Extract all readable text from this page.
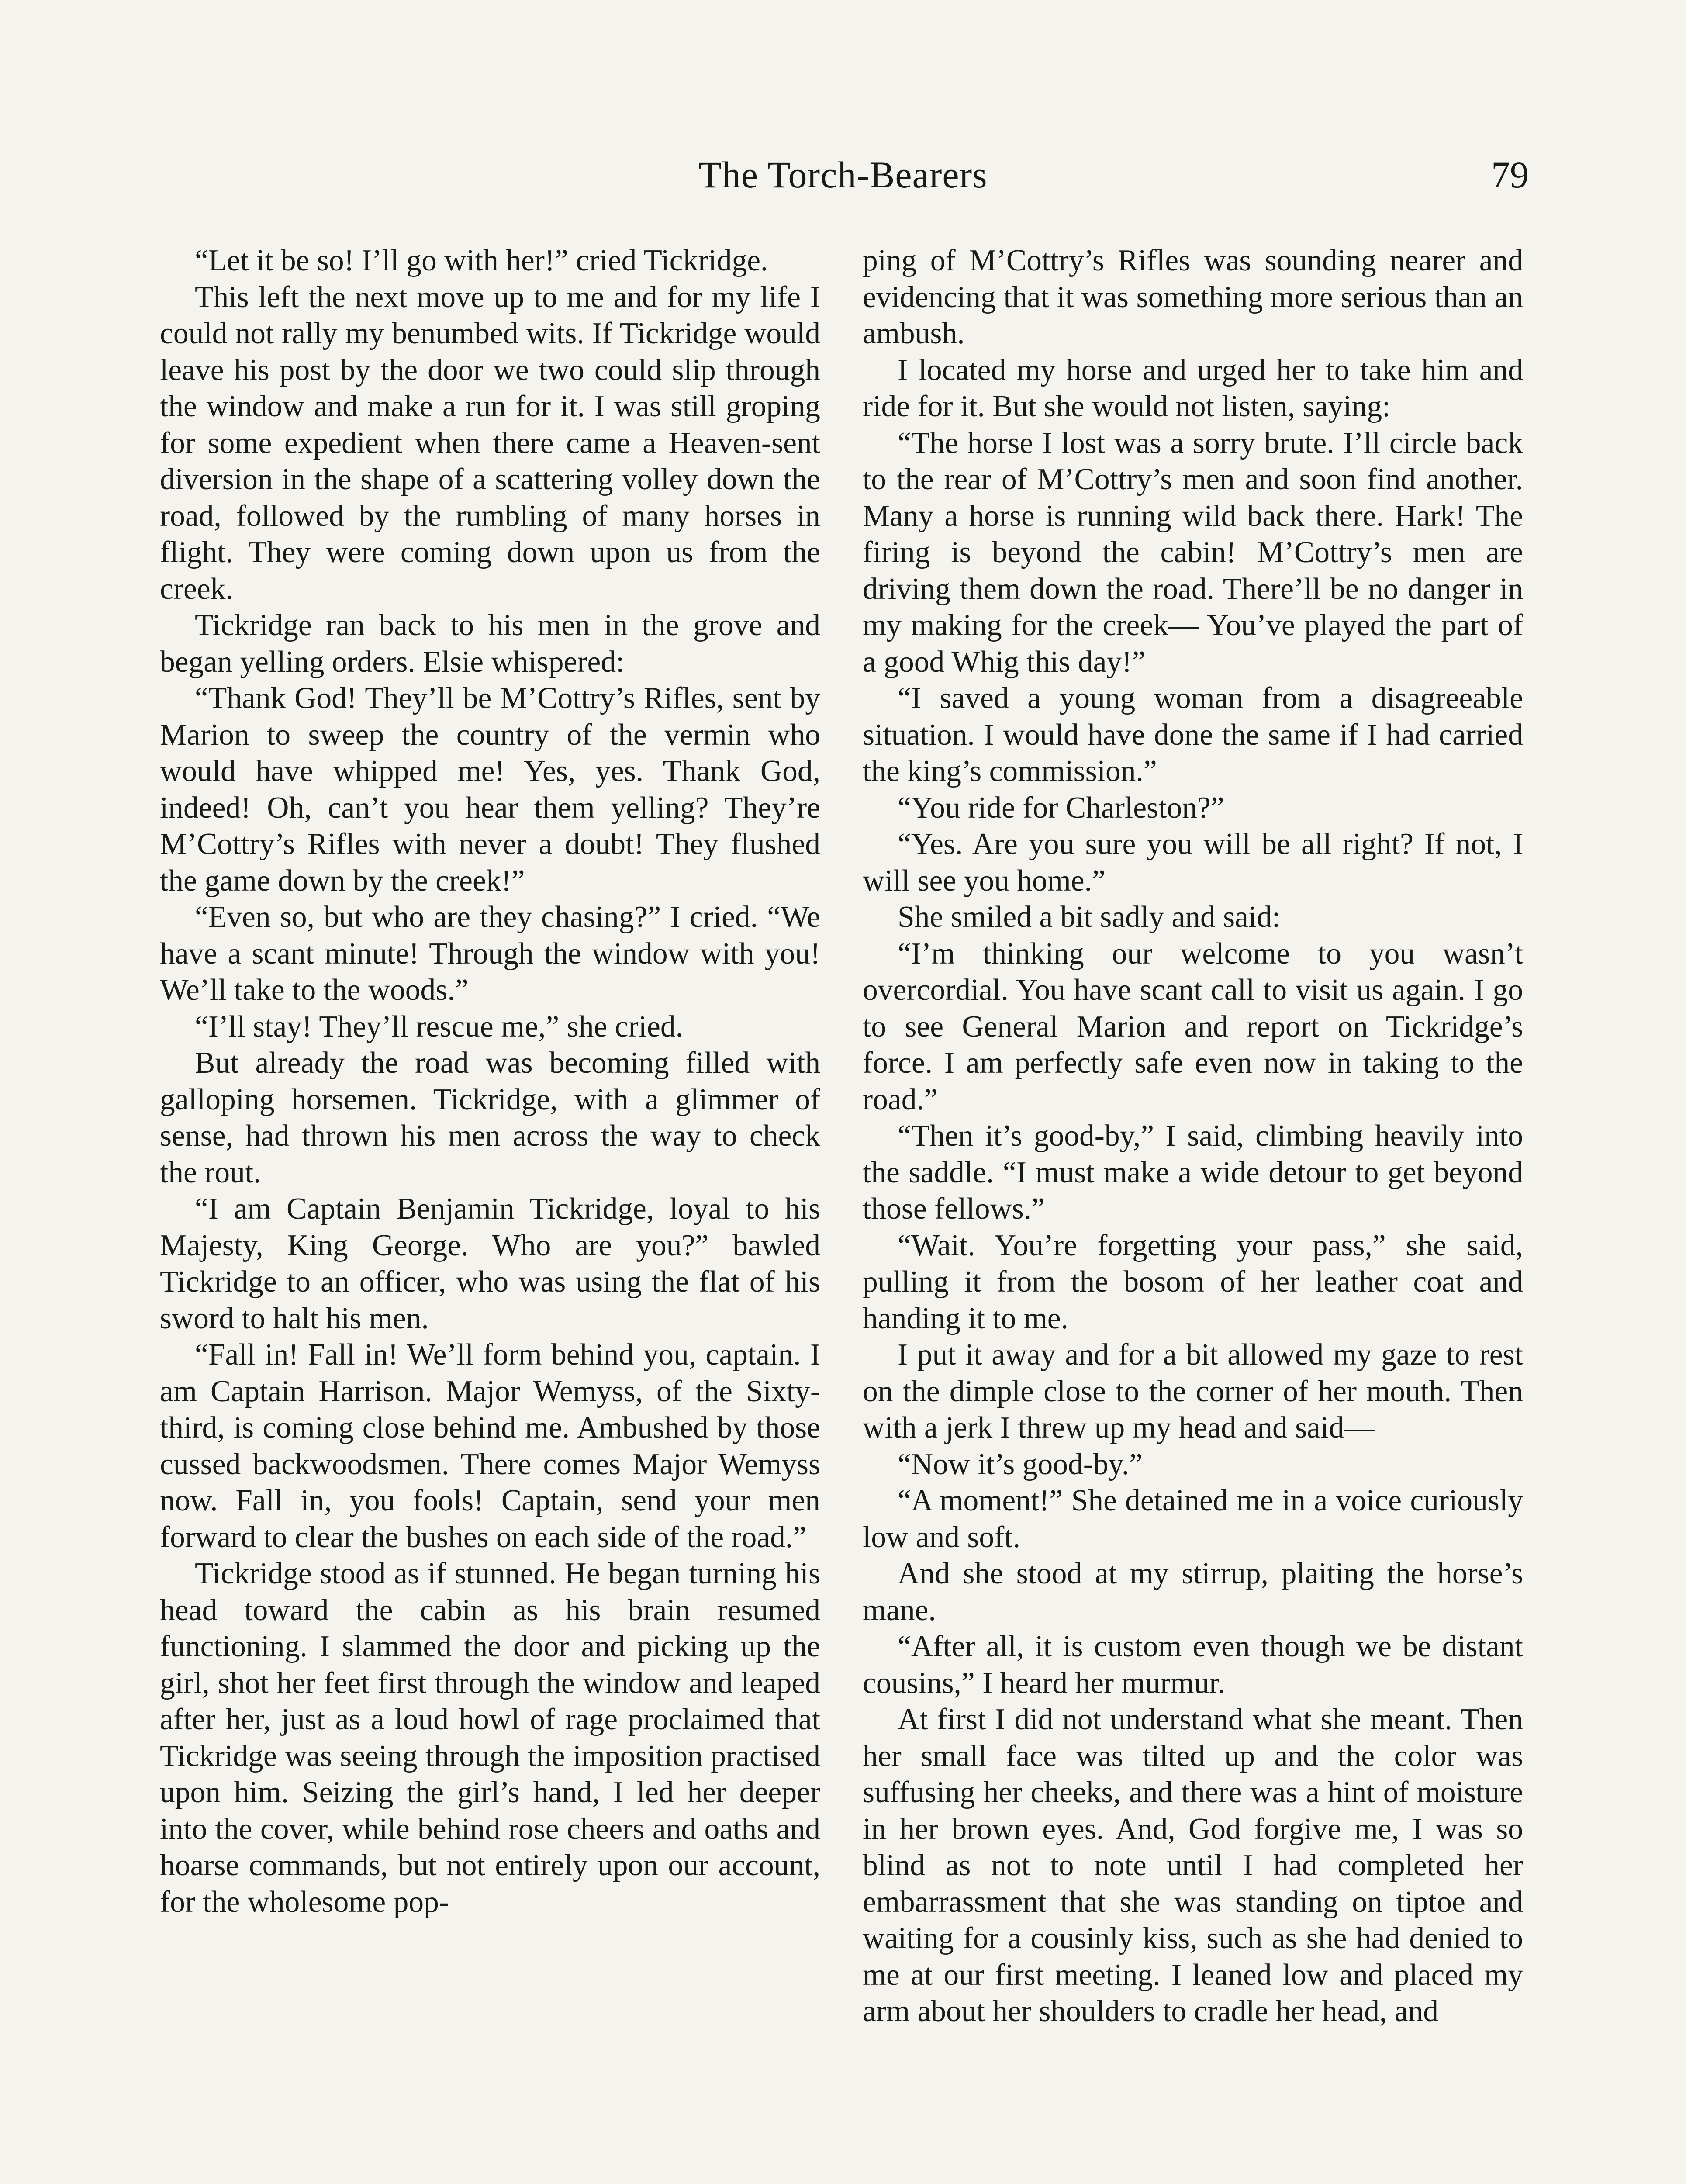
The Torch-Bearers	79

“Let it be so! I’ll go with her!” cried Tickridge.

This left the next move up to me and for my life I could not rally my benumbed wits. If Tickridge would leave his post by the door we two could slip through the window and make a run for it. I was still groping for some expedient when there came a Heaven-sent diversion in the shape of a scattering volley down the road, followed by the rumbling of many horses in flight. They were coming down upon us from the creek.

Tickridge ran back to his men in the grove and began yelling orders. Elsie whispered:

“Thank God! They’ll be M’Cottry’s Rifles, sent by Marion to sweep the country of the vermin who would have whipped me! Yes, yes. Thank God, indeed! Oh, can’t you hear them yelling? They’re M’Cottry’s Rifles with never a doubt! They flushed the game down by the creek!”

“Even so, but who are they chasing?” I cried. “We have a scant minute! Through the window with you! We’ll take to the woods.”

“I’ll stay! They’ll rescue me,” she cried.

But already the road was becoming filled with galloping horsemen. Tickridge, with a glimmer of sense, had thrown his men across the way to check the rout.

“I am Captain Benjamin Tickridge, loyal to his Majesty, King George. Who are you?” bawled Tickridge to an officer, who was using the flat of his sword to halt his men.

“Fall in! Fall in! We’ll form behind you, captain. I am Captain Harrison. Major Wemyss, of the Sixty-third, is coming close behind me. Ambushed by those cussed backwoodsmen. There comes Major Wemyss now. Fall in, you fools! Captain, send your men forward to clear the bushes on each side of the road.”

Tickridge stood as if stunned. He began turning his head toward the cabin as his brain resumed functioning. I slammed the door and picking up the girl, shot her feet first through the window and leaped after her, just as a loud howl of rage proclaimed that Tickridge was seeing through the imposition practised upon him. Seizing the girl’s hand, I led her deeper into the cover, while behind rose cheers and oaths and hoarse commands, but not entirely upon our account, for the wholesome pop-

ping of M’Cottry’s Rifles was sounding nearer and evidencing that it was something more serious than an ambush.

I located my horse and urged her to take him and ride for it. But she would not listen, saying:

“The horse I lost was a sorry brute. I’ll circle back to the rear of M’Cottry’s men and soon find another. Many a horse is running wild back there. Hark! The firing is beyond the cabin! M’Cottry’s men are driving them down the road. There’ll be no danger in my making for the creek— You’ve played the part of a good Whig this day!”

“I saved a young woman from a disagreeable situation. I would have done the same if I had carried the king’s commission.”

“You ride for Charleston?”

“Yes. Are you sure you will be all right? If not, I will see you home.”

She smiled a bit sadly and said:

“I’m thinking our welcome to you wasn’t overcordial. You have scant call to visit us again. I go to see General Marion and report on Tickridge’s force. I am perfectly safe even now in taking to the road.”

“Then it’s good-by,” I said, climbing heavily into the saddle. “I must make a wide detour to get beyond those fellows.”

“Wait. You’re forgetting your pass,” she said, pulling it from the bosom of her leather coat and handing it to me.

I put it away and for a bit allowed my gaze to rest on the dimple close to the corner of her mouth. Then with a jerk I threw up my head and said—

“Now it’s good-by.”

“A moment!” She detained me in a voice curiously low and soft.

And she stood at my stirrup, plaiting the horse’s mane.

“After all, it is custom even though we be distant cousins,” I heard her murmur.

At first I did not understand what she meant. Then her small face was tilted up and the color was suffusing her cheeks, and there was a hint of moisture in her brown eyes. And, God forgive me, I was so blind as not to note until I had completed her embarrassment that she was standing on tiptoe and waiting for a cousinly kiss, such as she had denied to me at our first meeting. I leaned low and placed my arm about her shoulders to cradle her head, and
